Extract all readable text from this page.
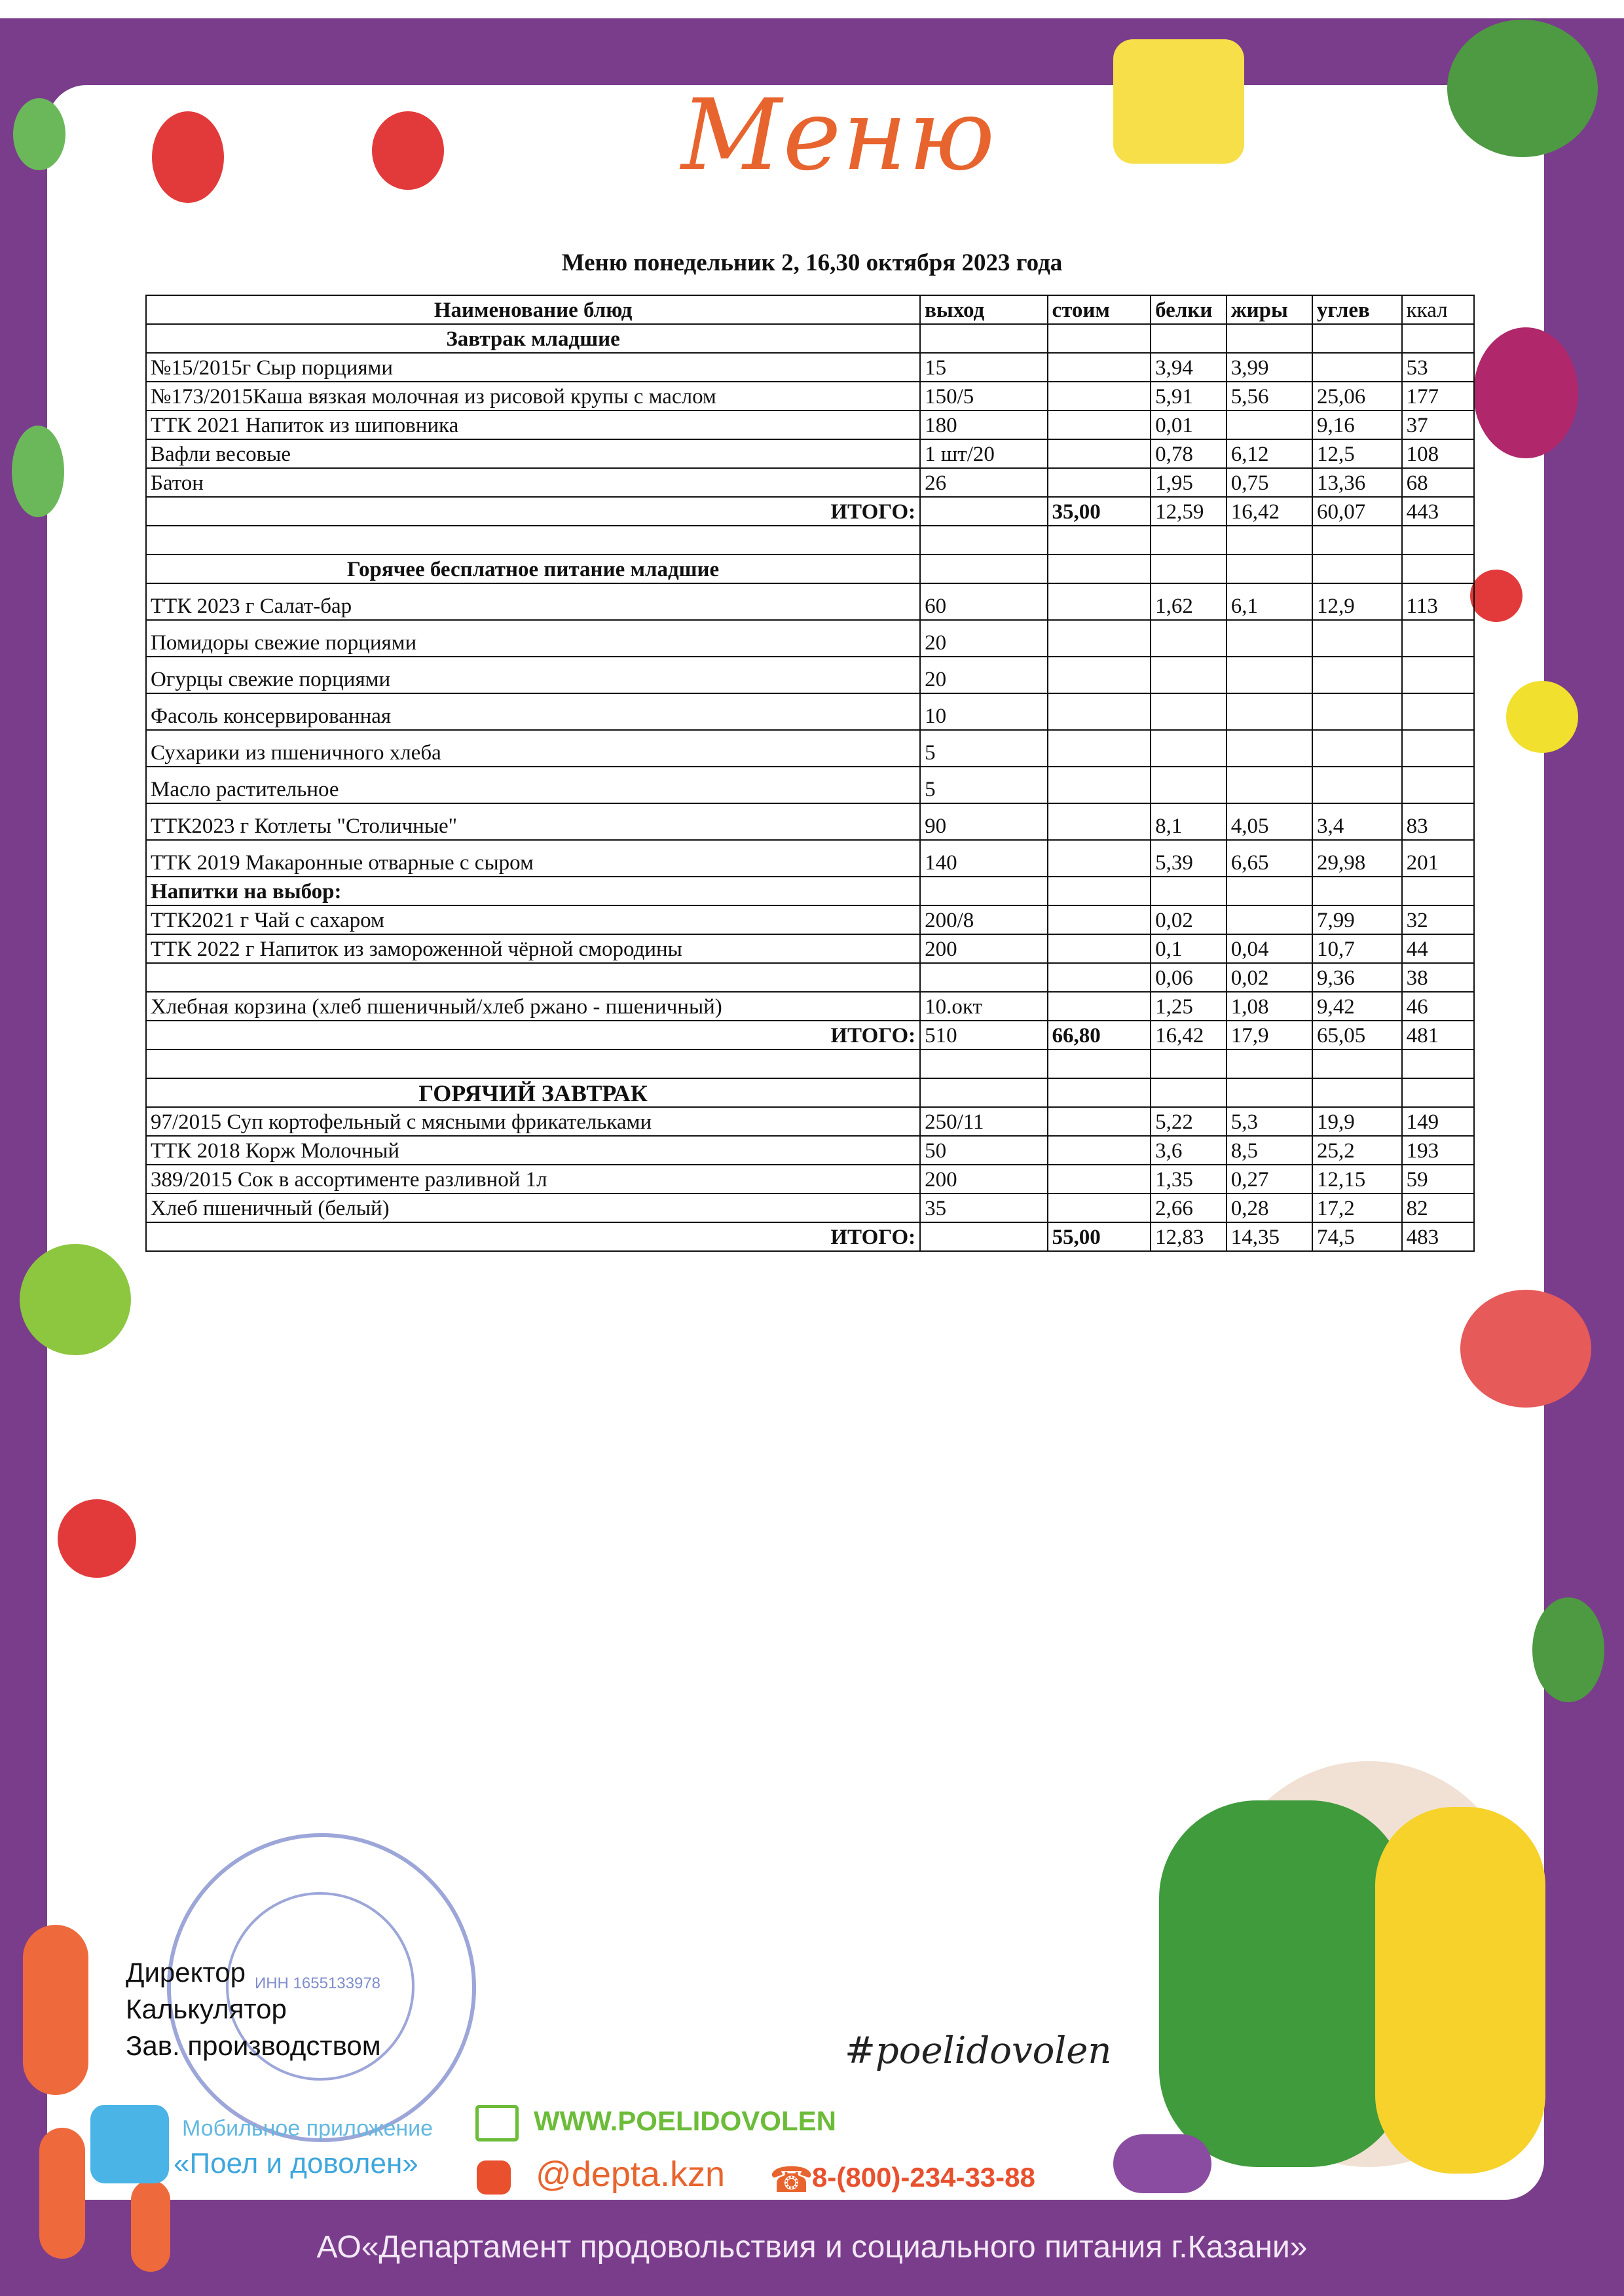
Меню
Меню понедельник 2, 16,30 октября 2023 года
Наименование блюд	выход	стоим	белки	жиры	углев	ккал
Завтрак младшие						
№15/2015г Сыр порциями	15		3,94	3,99		53
№173/2015Каша вязкая молочная из рисовой крупы с маслом	150/5		5,91	5,56	25,06	177
ТТК 2021 Напиток из шиповника	180		0,01		9,16	37
Вафли весовые	1 шт/20		0,78	6,12	12,5	108
Батон	26		1,95	0,75	13,36	68
ИТОГО:		35,00	12,59	16,42	60,07	443

Горячее бесплатное питание младшие						
ТТК 2023 г Салат-бар	60		1,62	6,1	12,9	113
Помидоры свежие порциями	20					
Огурцы свежие порциями	20					
Фасоль консервированная	10					
Сухарики из пшеничного хлеба	5					
Масло растительное	5					
ТТК2023 г Котлеты "Столичные"	90		8,1	4,05	3,4	83
ТТК 2019 Макаронные отварные с сыром	140		5,39	6,65	29,98	201
Напитки на выбор:						
ТТК2021 г Чай с сахаром	200/8		0,02		7,99	32
ТТК 2022 г Напиток из замороженной чёрной смородины	200		0,1	0,04	10,7	44
			0,06	0,02	9,36	38
Хлебная корзина (хлеб пшеничный/хлеб ржано - пшеничный)	10.окт		1,25	1,08	9,42	46
ИТОГО:	510	66,80	16,42	17,9	65,05	481

ГОРЯЧИЙ ЗАВТРАК						
97/2015 Суп кортофельный с мясными фрикательками	250/11		5,22	5,3	19,9	149
ТТК 2018 Корж Молочный	50		3,6	8,5	25,2	193
389/2015 Сок в ассортименте разливной 1л	200		1,35	0,27	12,15	59
Хлеб пшеничный (белый)	35		2,66	0,28	17,2	82
ИТОГО:		55,00	12,83	14,35	74,5	483
ИНН 1655133978
Директор
Калькулятор
Зав. производством	#poelidovolen
Мобильное приложение
«Поел и доволен»
WWW.POELIDOVOLEN
@depta.kzn ☎
8-(800)-234-33-88
АО«Департамент продовольствия и социального питания г.Казани»
